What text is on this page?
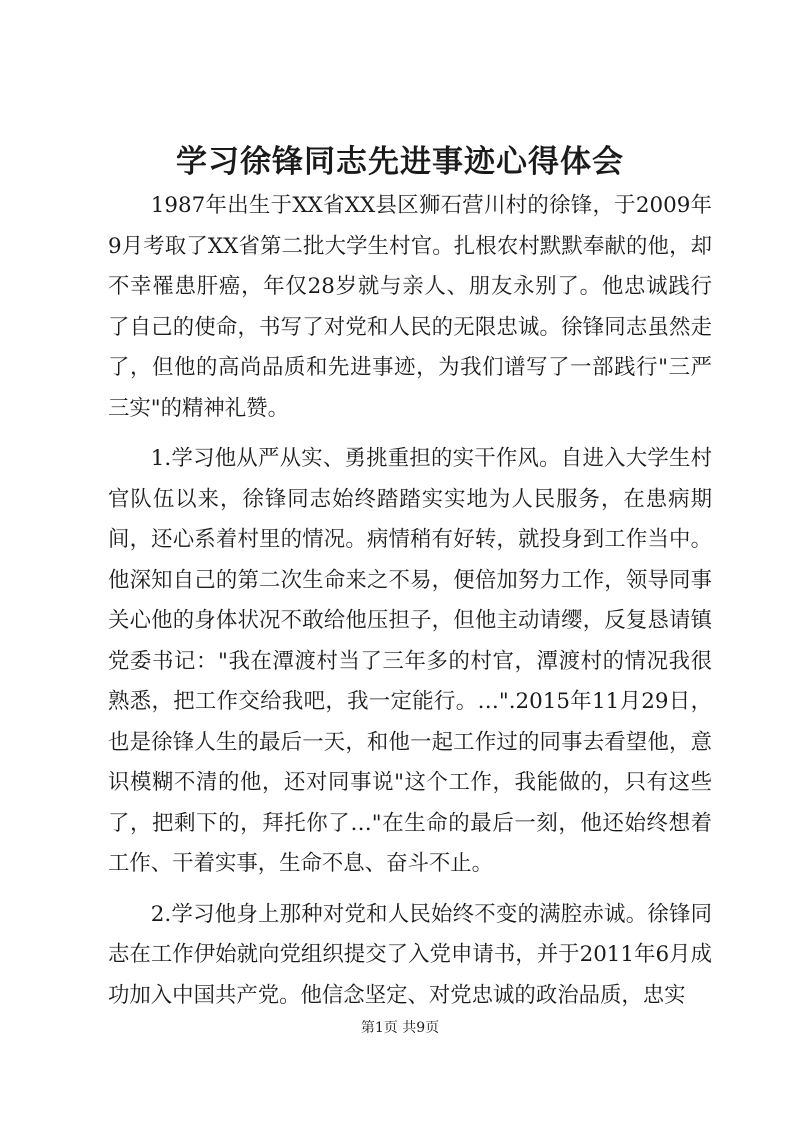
学习徐锋同志先进事迹心得体会

1987年出生于XX省XX县区狮石营川村的徐锋，于2009年9月考取了XX省第二批大学生村官。扎根农村默默奉献的他，却不幸罹患肝癌，年仅28岁就与亲人、朋友永别了。他忠诚践行了自己的使命，书写了对党和人民的无限忠诚。徐锋同志虽然走了，但他的高尚品质和先进事迹，为我们谱写了一部践行"三严三实"的精神礼赞。

1.学习他从严从实、勇挑重担的实干作风。自进入大学生村官队伍以来，徐锋同志始终踏踏实实地为人民服务，在患病期间，还心系着村里的情况。病情稍有好转，就投身到工作当中。他深知自己的第二次生命来之不易，便倍加努力工作，领导同事关心他的身体状况不敢给他压担子，但他主动请缨，反复恳请镇党委书记："我在潭渡村当了三年多的村官，潭渡村的情况我很熟悉，把工作交给我吧，我一定能行。…".2015年11月29日，也是徐锋人生的最后一天，和他一起工作过的同事去看望他，意识模糊不清的他，还对同事说"这个工作，我能做的，只有这些了，把剩下的，拜托你了…"在生命的最后一刻，他还始终想着工作、干着实事，生命不息、奋斗不止。

2.学习他身上那种对党和人民始终不变的满腔赤诚。徐锋同志在工作伊始就向党组织提交了入党申请书，并于2011年6月成功加入中国共产党。他信念坚定、对党忠诚的政治品质，忠实

第1页 共9页
